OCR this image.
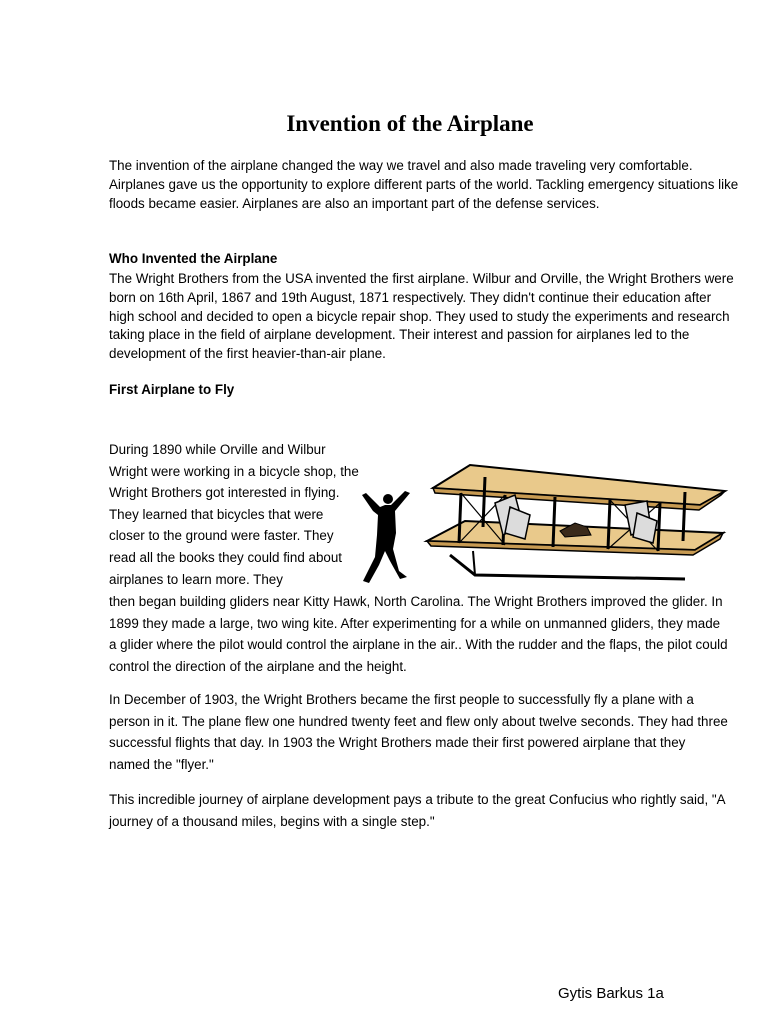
Invention of the Airplane

The invention of the airplane changed the way we travel and also made traveling very comfortable. Airplanes gave us the opportunity to explore different parts of the world. Tackling emergency situations like floods became easier. Airplanes are also an important part of the defense services.

Who Invented the Airplane

The Wright Brothers from the USA invented the first airplane. Wilbur and Orville, the Wright Brothers were born on 16th April, 1867 and 19th August, 1871 respectively. They didn't continue their education after high school and decided to open a bicycle repair shop. They used to study the experiments and research taking place in the field of airplane development. Their interest and passion for airplanes led to the development of the first heavier-than-air plane.

First Airplane to Fly

During 1890 while Orville and Wilbur Wright were working in a bicycle shop, the Wright Brothers got interested in flying. They learned that bicycles that were closer to the ground were faster. They read all the books they could find about airplanes to learn more. They

then began building gliders near Kitty Hawk, North Carolina. The Wright Brothers improved the glider. In 1899 they made a large, two wing kite. After experimenting for a while on unmanned gliders, they made a glider where the pilot would control the airplane in the air.. With the rudder and the flaps, the pilot could control the direction of the airplane and the height.

In December of 1903, the Wright Brothers became the first people to successfully fly a plane with a person in it. The plane flew one hundred twenty feet and flew only about twelve seconds. They had three successful flights that day. In 1903 the Wright Brothers made their first powered airplane that they named the "flyer."

This incredible journey of airplane development pays a tribute to the great Confucius who rightly said, "A journey of a thousand miles, begins with a single step."

Gytis Barkus 1a
